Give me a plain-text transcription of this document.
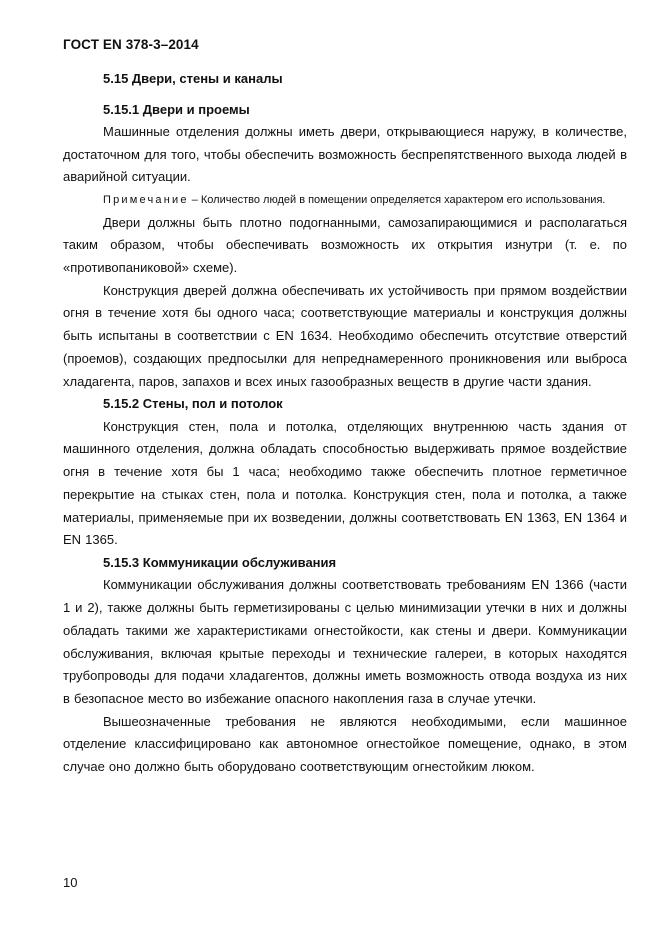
ГОСТ EN 378-3–2014
5.15 Двери, стены и каналы
5.15.1 Двери и проемы

Машинные отделения должны иметь двери, открывающиеся наружу, в количестве, достаточном для того, чтобы обеспечить возможность беспрепятственного выхода людей в аварийной ситуации.

Примечание – Количество людей в помещении определяется характером его использования.

Двери должны быть плотно подогнанными, самозапирающимися и располагаться таким образом, чтобы обеспечивать возможность их открытия изнутри (т. е. по «противопаниковой» схеме).

Конструкция дверей должна обеспечивать их устойчивость при прямом воздействии огня в течение хотя бы одного часа; соответствующие материалы и конструкция должны быть испытаны в соответствии с EN 1634. Необходимо обеспечить отсутствие отверстий (проемов), создающих предпосылки для непреднамеренного проникновения или выброса хладагента, паров, запахов и всех иных газообразных веществ в другие части здания.

5.15.2 Стены, пол и потолок

Конструкция стен, пола и потолка, отделяющих внутреннюю часть здания от машинного отделения, должна обладать способностью выдерживать прямое воздействие огня в течение хотя бы 1 часа; необходимо также обеспечить плотное герметичное перекрытие на стыках стен, пола и потолка. Конструкция стен, пола и потолка, а также материалы, применяемые при их возведении, должны соответствовать EN 1363, EN 1364 и EN 1365.

5.15.3 Коммуникации обслуживания

Коммуникации обслуживания должны соответствовать требованиям EN 1366 (части 1 и 2), также должны быть герметизированы с целью минимизации утечки в них и должны обладать такими же характеристиками огнестойкости, как стены и двери. Коммуникации обслуживания, включая крытые переходы и технические галереи, в которых находятся трубопроводы для подачи хладагентов, должны иметь возможность отвода воздуха из них в безопасное место во избежание опасного накопления газа в случае утечки.

Вышеозначенные требования не являются необходимыми, если машинное отделение классифицировано как автономное огнестойкое помещение, однако, в этом случае оно должно быть оборудовано соответствующим огнестойким люком.

10
